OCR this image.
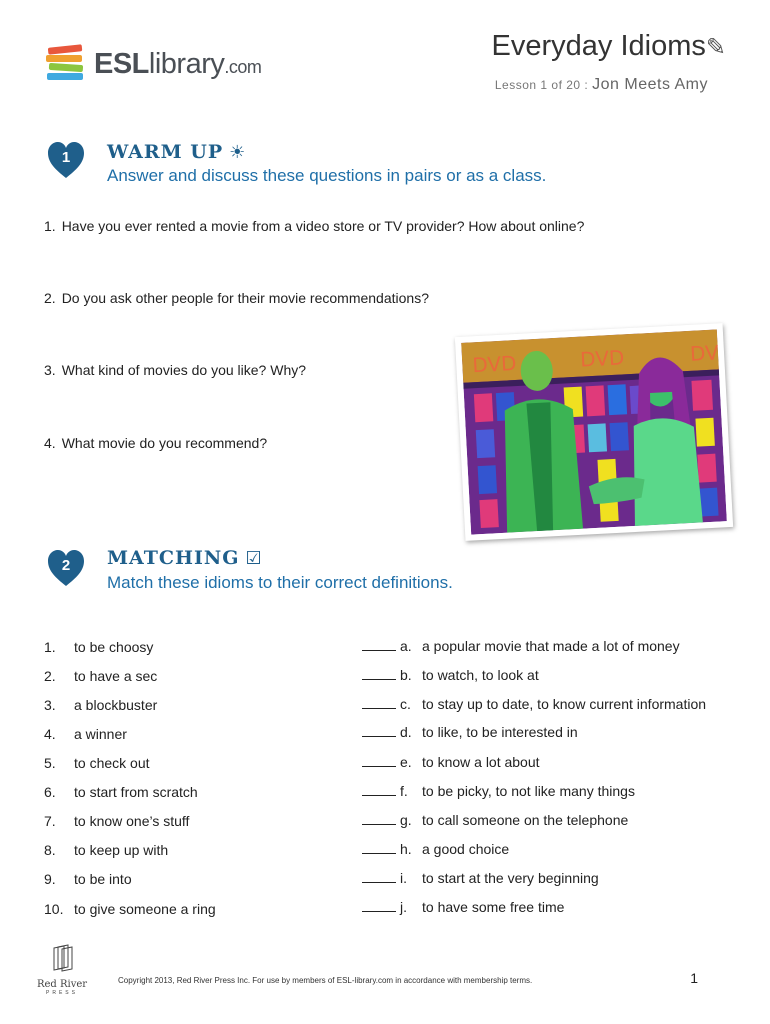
ESLlibrary.com
Everyday Idioms✎
Lesson 1 of 20 : Jon Meets Amy
1	WARM UP ☀
Answer and discuss these questions in pairs or as a class.
1. Have you ever rented a movie from a video store or TV provider? How about online?
2. Do you ask other people for their movie recommendations?
3. What kind of movies do you like? Why?
4. What movie do you recommend?
DVD	DVD	DV
2	MATCHING ☑
Match these idioms to their correct definitions.
1.	to be choosy
2.	to have a sec
3.	a blockbuster
4.	a winner
5.	to check out
6.	to start from scratch
7.	to know one’s stuff
8.	to keep up with
9.	to be into
10. to give someone a ring
a. a popular movie that made a lot of money
b. to watch, to look at
c. to stay up to date, to know current information
d. to like, to be interested in
e. to know a lot about
f. to be picky, to not like many things
g. to call someone on the telephone
h. a good choice
i. to start at the very beginning
j. to have some free time
Red River
PRESS
Copyright 2013, Red River Press Inc. For use by members of ESL-library.com in accordance with membership terms.	1
